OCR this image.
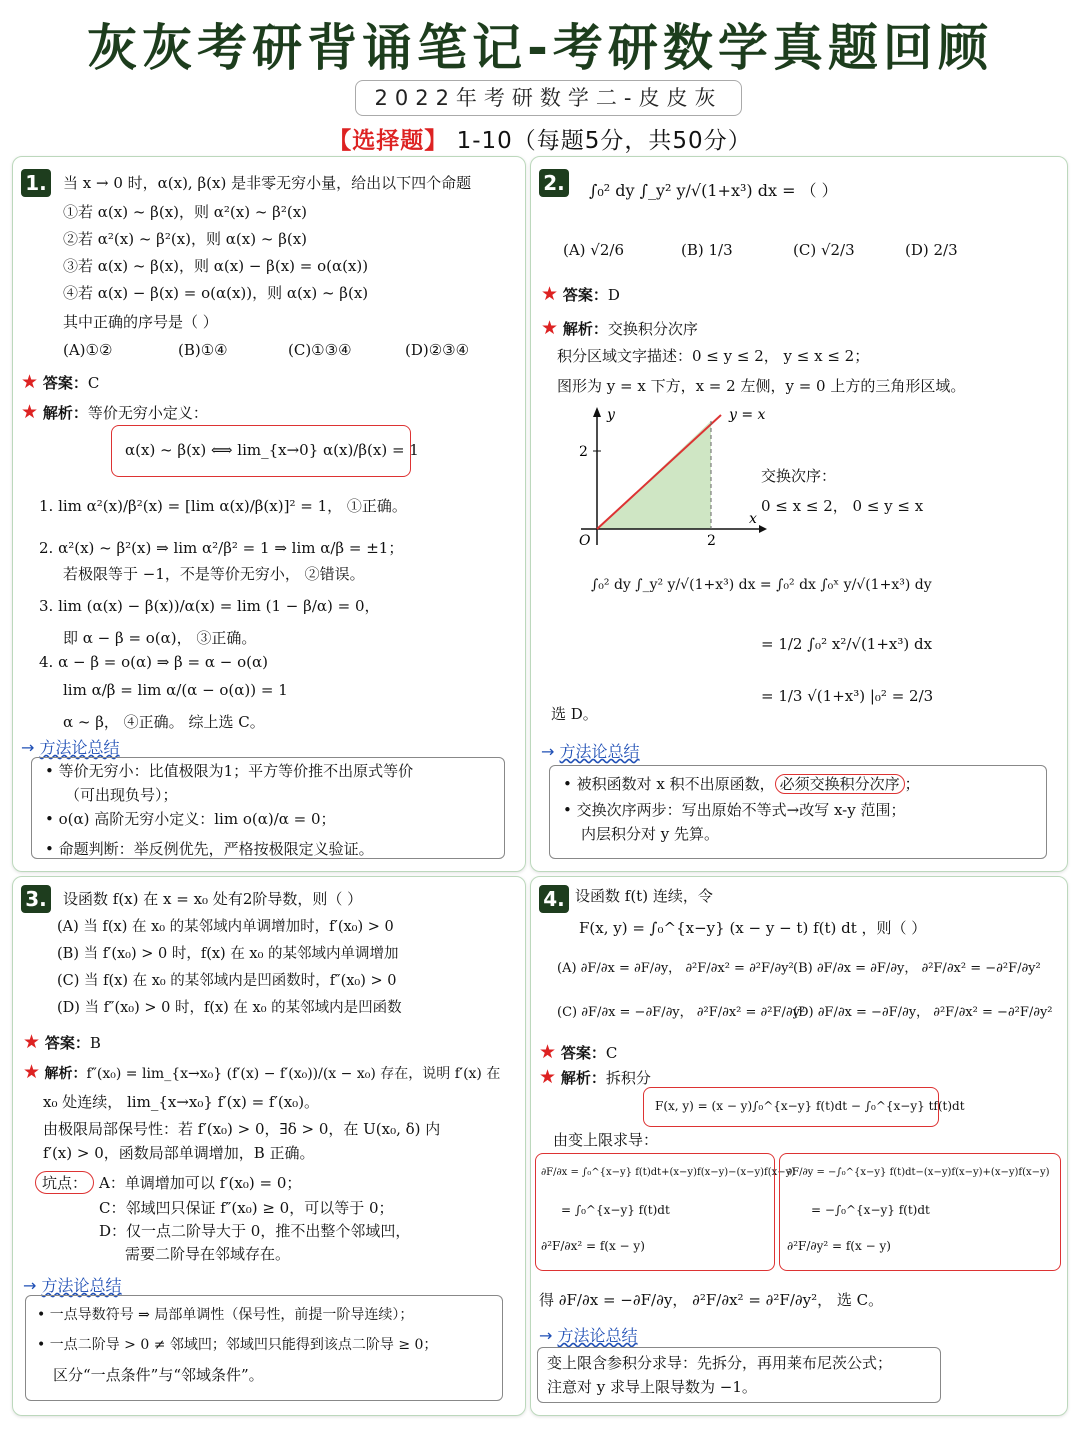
灰灰考研背诵笔记-考研数学真题回顾
2022年考研数学二-皮皮灰
【选择题】 1-10（每题5分，共50分）
1. 当 x → 0 时，α(x), β(x) 是非零无穷小量，给出以下四个命题
①若 α(x) ~ β(x)，则 α²(x) ~ β²(x)
②若 α²(x) ~ β²(x)，则 α(x) ~ β(x)
③若 α(x) ~ β(x)，则 α(x) − β(x) = o(α(x))
④若 α(x) − β(x) = o(α(x))，则 α(x) ~ β(x)
其中正确的序号是（ ）
(A)①②	(B)①④	(C)①③④	(D)②③④
★ 答案：C
★ 解析：等价无穷小定义：
α(x) ~ β(x) ⟺ lim_{x→0} α(x)/β(x) = 1
1. lim α²(x)/β²(x) = [lim α(x)/β(x)]² = 1， ①正确。
2. α²(x) ~ β²(x) ⇒ lim α²/β² = 1 ⇒ lim α/β = ±1；
若极限等于 −1，不是等价无穷小， ②错误。
3. lim (α(x) − β(x))/α(x) = lim (1 − β/α) = 0，
即 α − β = o(α)， ③正确。
4. α − β = o(α) ⇒ β = α − o(α)
lim α/β = lim α/(α − o(α)) = 1
α ~ β， ④正确。 综上选 C。
→ 方法论总结
• 等价无穷小：比值极限为1；平方等价推不出原式等价
（可出现负号）；
• o(α) 高阶无穷小定义：lim o(α)/α = 0；
• 命题判断：举反例优先，严格按极限定义验证。
2. ∫₀² dy ∫_y² y/√(1+x³) dx = （ ）
(A) √2/6	(B) 1/3	(C) √2/3	(D) 2/3
★ 答案：D
★ 解析：交换积分次序
积分区域文字描述：0 ≤ y ≤ 2， y ≤ x ≤ 2；
图形为 y = x 下方，x = 2 左侧，y = 0 上方的三角形区域。
y
x
y = x
2
2
O
交换次序：
0 ≤ x ≤ 2， 0 ≤ y ≤ x
∫₀² dy ∫_y² y/√(1+x³) dx = ∫₀² dx ∫₀ˣ y/√(1+x³) dy
= 1/2 ∫₀² x²/√(1+x³) dx
= 1/3 √(1+x³) |₀² = 2/3
选 D。
→ 方法论总结
• 被积函数对 x 积不出原函数， 必须交换积分次序 ；
• 交换次序两步：写出原始不等式→改写 x-y 范围；
内层积分对 y 先算。
3. 设函数 f(x) 在 x = x₀ 处有2阶导数，则（ ）
(A) 当 f(x) 在 x₀ 的某邻域内单调增加时，f′(x₀) > 0
(B) 当 f′(x₀) > 0 时，f(x) 在 x₀ 的某邻域内单调增加
(C) 当 f(x) 在 x₀ 的某邻域内是凹函数时，f″(x₀) > 0
(D) 当 f″(x₀) > 0 时，f(x) 在 x₀ 的某邻域内是凹函数
★ 答案：B
★ 解析：f″(x₀) = lim_{x→x₀} (f′(x) − f′(x₀))/(x − x₀) 存在，说明 f′(x) 在
x₀ 处连续， lim_{x→x₀} f′(x) = f′(x₀)。
由极限局部保号性：若 f′(x₀) > 0，∃δ > 0，在 U(x₀, δ) 内
f′(x) > 0，函数局部单调增加，B 正确。
坑点： A：单调增加可以 f′(x₀) = 0；
C：邻域凹只保证 f″(x₀) ≥ 0，可以等于 0；
D：仅一点二阶导大于 0，推不出整个邻域凹，
需要二阶导在邻域存在。
→ 方法论总结
• 一点导数符号 ⇒ 局部单调性（保号性，前提一阶导连续）；
• 一点二阶导 > 0 ≠ 邻域凹；邻域凹只能得到该点二阶导 ≥ 0；
区分“一点条件”与“邻域条件”。
4. 设函数 f(t) 连续，令
F(x, y) = ∫₀^{x−y} (x − y − t) f(t) dt ，则（ ）
(A) ∂F/∂x = ∂F/∂y， ∂²F/∂x² = ∂²F/∂y² (B) ∂F/∂x = ∂F/∂y， ∂²F/∂x² = −∂²F/∂y²
(C) ∂F/∂x = −∂F/∂y， ∂²F/∂x² = ∂²F/∂y²
(D) ∂F/∂x = −∂F/∂y， ∂²F/∂x² = −∂²F/∂y²
★ 答案：C
★ 解析：拆积分
F(x, y) = (x − y)∫₀^{x−y} f(t)dt − ∫₀^{x−y} tf(t)dt
由变上限求导：
∂F/∂x = ∫₀^{x−y} f(t)dt+(x−y)f(x−y)−(x−y)f(x−y)
= ∫₀^{x−y} f(t)dt
∂²F/∂x² = f(x − y)
∂F/∂y = −∫₀^{x−y} f(t)dt−(x−y)f(x−y)+(x−y)f(x−y)
= −∫₀^{x−y} f(t)dt
∂²F/∂y² = f(x − y)
得 ∂F/∂x = −∂F/∂y， ∂²F/∂x² = ∂²F/∂y²， 选 C。
→ 方法论总结
变上限含参积分求导：先拆分，再用莱布尼茨公式；
注意对 y 求导上限导数为 −1。
